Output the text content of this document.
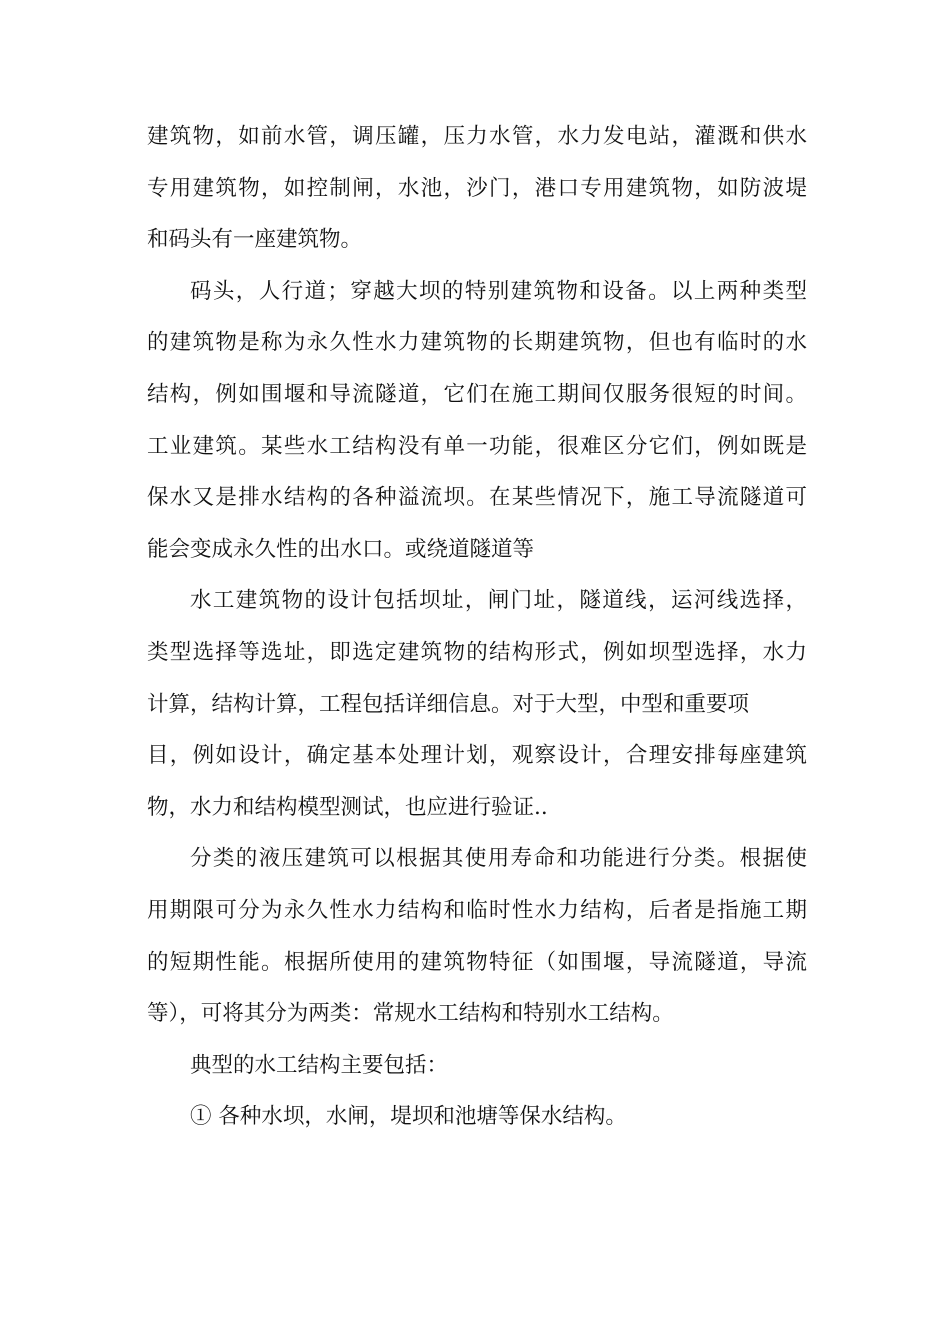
建筑物，如前水管，调压罐，压力水管，水力发电站，灌溉和供水
专用建筑物，如控制闸，水池，沙门，港口专用建筑物，如防波堤
和码头有一座建筑物。
码头，人行道；穿越大坝的特别建筑物和设备。以上两种类型
的建筑物是称为永久性水力建筑物的长期建筑物，但也有临时的水
结构，例如围堰和导流隧道，它们在施工期间仅服务很短的时间。
工业建筑。某些水工结构没有单一功能，很难区分它们，例如既是
保水又是排水结构的各种溢流坝。在某些情况下，施工导流隧道可
能会变成永久性的出水口。或绕道隧道等
水工建筑物的设计包括坝址，闸门址，隧道线，运河线选择，
类型选择等选址，即选定建筑物的结构形式，例如坝型选择，水力
计算，结构计算，工程包括详细信息。对于大型，中型和重要项
目，例如设计，确定基本处理计划，观察设计，合理安排每座建筑
物，水力和结构模型测试，也应进行验证..
分类的液压建筑可以根据其使用寿命和功能进行分类。根据使
用期限可分为永久性水力结构和临时性水力结构，后者是指施工期
的短期性能。根据所使用的建筑物特征（如围堰，导流隧道，导流
等），可将其分为两类：常规水工结构和特别水工结构。
典型的水工结构主要包括：
① 各种水坝，水闸，堤坝和池塘等保水结构。
